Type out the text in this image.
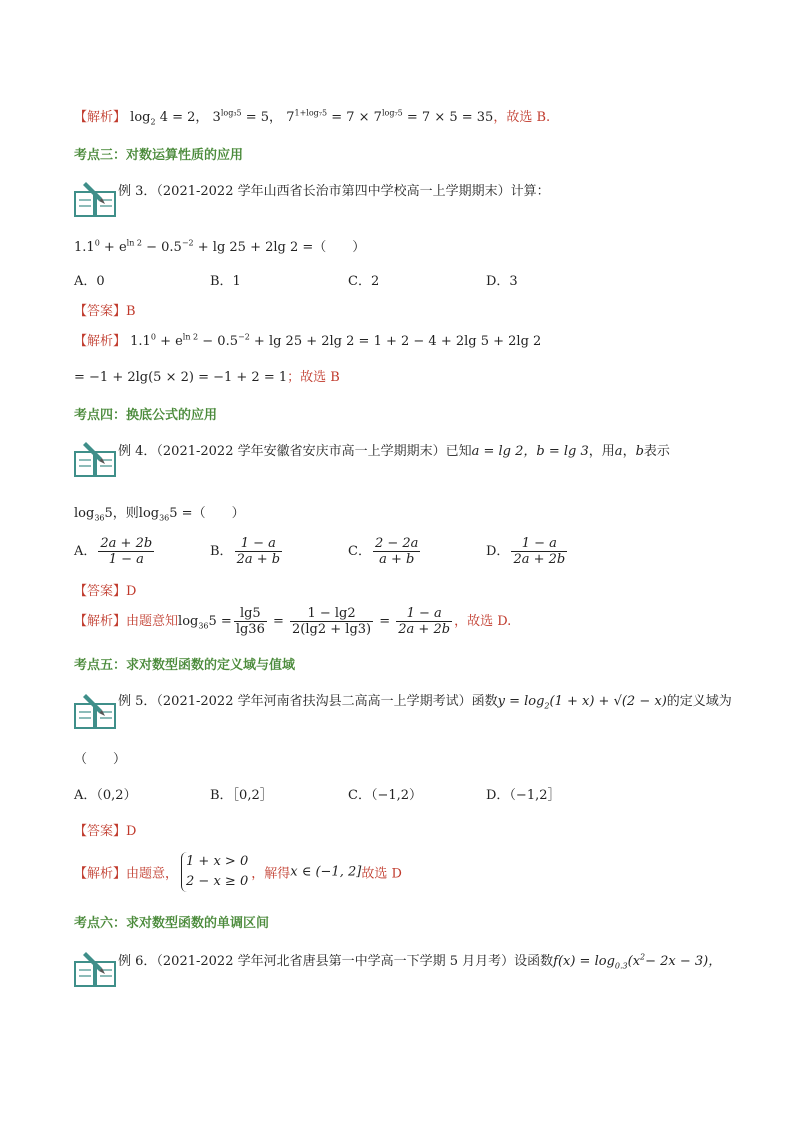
【解析】 $\log_2 4 = 2$， $3^{log_35} = 5$， $7^{1+log_75} = 7 \times 7^{log_75} = 7 \times 5 = 35$，故选 B.
考点三：对数运算性质的应用
例 3．（2021-2022 学年山西省长治市第四中学校高一上学期期末）计算：
$1.1^0 + e^{ln 2} - 0.5^{-2} + \lg 25 + 2\lg$ 2 =（　　）
A．0	B．1	C．2	D．3
【答案】B
【解析】 $1.1^0 + e^{ln 2} - 0.5^{-2} + \lg 25 + 2\lg$ 2 = 1 + 2 − 4 + 2lg 5 + 2lg 2
= −1 + 2lg(5 × 2) = −1 + 2 = 1；故选 B
考点四：换底公式的应用
例 4．（2021-2022 学年安徽省安庆市高一上学期期末）已知a = lg 2，b = lg 3，用a，b表示
$\log_{36}5$，则$\log_{36}5$ =（　　）
A． $\frac{2a + 2b}{1 - a}$	B． $\frac{1 - a}{2a + b}$	C． $\frac{2 - 2a}{a + b}$	D． $\frac{1 - a}{2a + 2b}$
【答案】D
【解析】由题意知$\log_{36}5 = \frac{\lg 5}{\lg 36} = \frac{1 - \lg 2}{2(\lg 2 + \lg 3)} = \frac{1 - a}{2a + 2b}$ ，故选 D.
考点五：求对数型函数的定义域与值域
例 5．（2021-2022 学年河南省扶沟县二高高一上学期考试）函数$y = \log_2(1 + x) + √(2 - x)$的定义域为
（　　）
A．（0,2）	B．［0,2］	C．（−1,2）	D．（−1,2］
【答案】D
【解析】由题意，
1 + x > 0
2 − x ≥ 0 ，解得x ∈ (−1, 2]故选 D
考点六：求对数型函数的单调区间
例 6．（2021-2022 学年河北省唐县第一中学高一下学期 5 月月考）设函数$f(x) = \log_{0.3}(x^2- 2x - 3)$，
